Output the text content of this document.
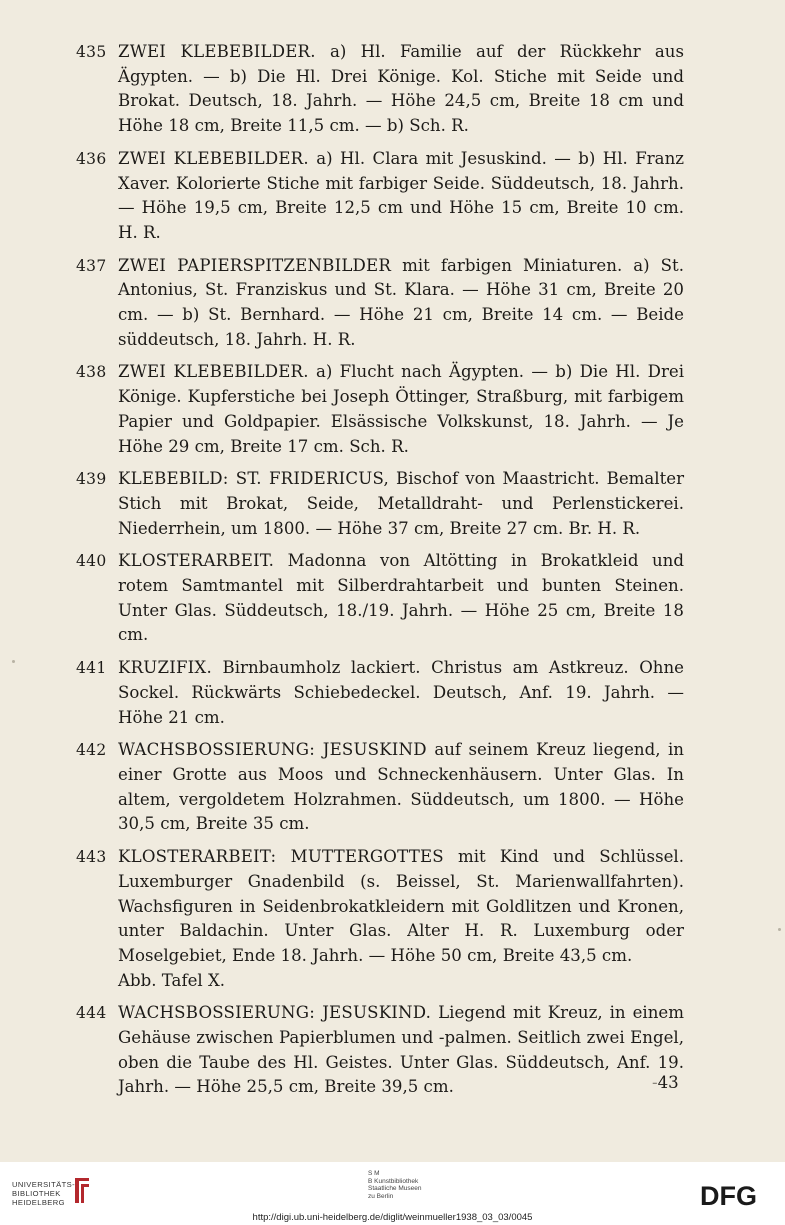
435 ZWEI KLEBEBILDER. a) Hl. Familie auf der Rückkehr aus Ägypten. — b) Die Hl. Drei Könige. Kol. Stiche mit Seide und Brokat. Deutsch, 18. Jahrh. — Höhe 24,5 cm, Breite 18 cm und Höhe 18 cm, Breite 11,5 cm. — b) Sch. R.
436 ZWEI KLEBEBILDER. a) Hl. Clara mit Jesuskind. — b) Hl. Franz Xaver. Kolorierte Stiche mit farbiger Seide. Süddeutsch, 18. Jahrh. — Höhe 19,5 cm, Breite 12,5 cm und Höhe 15 cm, Breite 10 cm. H. R.
437 ZWEI PAPIERSPITZENBILDER mit farbigen Miniaturen. a) St. Antonius, St. Franziskus und St. Klara. — Höhe 31 cm, Breite 20 cm. — b) St. Bernhard. — Höhe 21 cm, Breite 14 cm. — Beide süddeutsch, 18. Jahrh. H. R.
438 ZWEI KLEBEBILDER. a) Flucht nach Ägypten. — b) Die Hl. Drei Könige. Kupferstiche bei Joseph Öttinger, Straßburg, mit farbigem Papier und Goldpapier. Elsässische Volkskunst, 18. Jahrh. — Je Höhe 29 cm, Breite 17 cm. Sch. R.
439 KLEBEBILD: ST. FRIDERICUS, Bischof von Maastricht. Bemalter Stich mit Brokat, Seide, Metalldraht- und Perlenstickerei. Niederrhein, um 1800. — Höhe 37 cm, Breite 27 cm. Br. H. R.
440 KLOSTERARBEIT. Madonna von Altötting in Brokatkleid und rotem Samtmantel mit Silberdrahtarbeit und bunten Steinen. Unter Glas. Süddeutsch, 18./19. Jahrh. — Höhe 25 cm, Breite 18 cm.
441 KRUZIFIX. Birnbaumholz lackiert. Christus am Astkreuz. Ohne Sockel. Rückwärts Schiebedeckel. Deutsch, Anf. 19. Jahrh. — Höhe 21 cm.
442 WACHSBOSSIERUNG: JESUSKIND auf seinem Kreuz liegend, in einer Grotte aus Moos und Schneckenhäusern. Unter Glas. In altem, vergoldetem Holzrahmen. Süddeutsch, um 1800. — Höhe 30,5 cm, Breite 35 cm.
443 KLOSTERARBEIT: MUTTERGOTTES mit Kind und Schlüssel. Luxemburger Gnadenbild (s. Beissel, St. Marienwallfahrten). Wachsfiguren in Seidenbrokatkleidern mit Goldlitzen und Kronen, unter Baldachin. Unter Glas. Alter H. R. Luxemburg oder Moselgebiet, Ende 18. Jahrh. — Höhe 50 cm, Breite 43,5 cm.
Abb. Tafel X.
444 WACHSBOSSIERUNG: JESUSKIND. Liegend mit Kreuz, in einem Gehäuse zwischen Papierblumen und -palmen. Seitlich zwei Engel, oben die Taube des Hl. Geistes. Unter Glas. Süddeutsch, Anf. 19. Jahrh. — Höhe 25,5 cm, Breite 39,5 cm.	-43
UNIVERSITÄTS-
BIBLIOTHEK
HEIDELBERG
S M
B Kunstbibliothek
Staatliche Museen
zu Berlin	DFG
http://digi.ub.uni-heidelberg.de/diglit/weinmueller1938_03_03/0045
